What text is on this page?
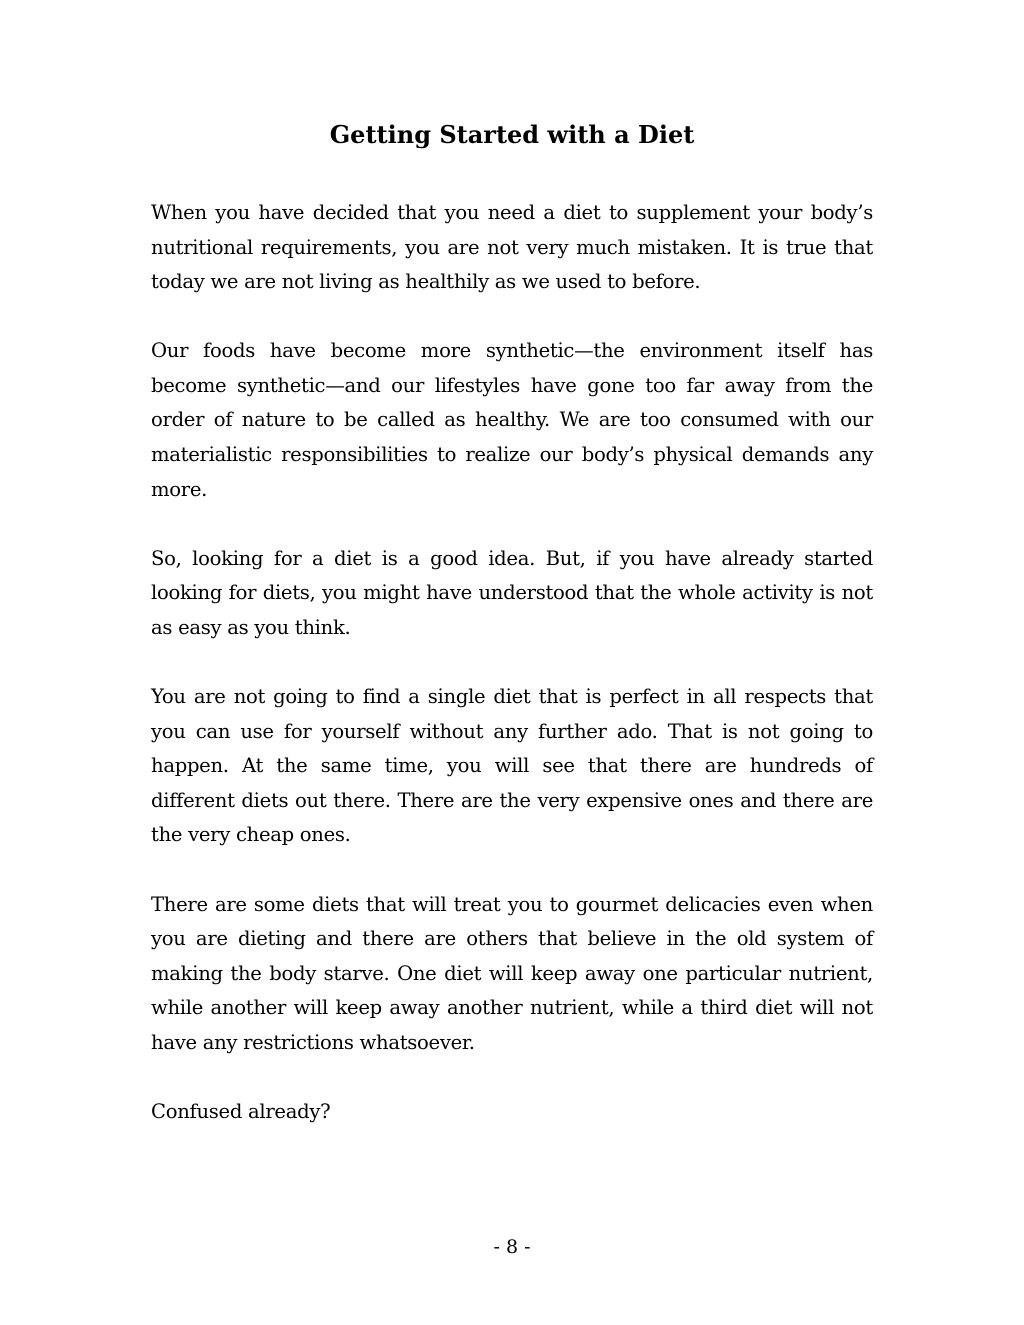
Getting Started with a Diet

When you have decided that you need a diet to supplement your body’s nutritional requirements, you are not very much mistaken. It is true that today we are not living as healthily as we used to before.

Our foods have become more synthetic—the environment itself has become synthetic—and our lifestyles have gone too far away from the order of nature to be called as healthy. We are too consumed with our materialistic responsibilities to realize our body’s physical demands any more.

So, looking for a diet is a good idea. But, if you have already started looking for diets, you might have understood that the whole activity is not as easy as you think.

You are not going to find a single diet that is perfect in all respects that you can use for yourself without any further ado. That is not going to happen. At the same time, you will see that there are hundreds of different diets out there. There are the very expensive ones and there are the very cheap ones.

There are some diets that will treat you to gourmet delicacies even when you are dieting and there are others that believe in the old system of making the body starve. One diet will keep away one particular nutrient, while another will keep away another nutrient, while a third diet will not have any restrictions whatsoever.

Confused already?

- 8 -
